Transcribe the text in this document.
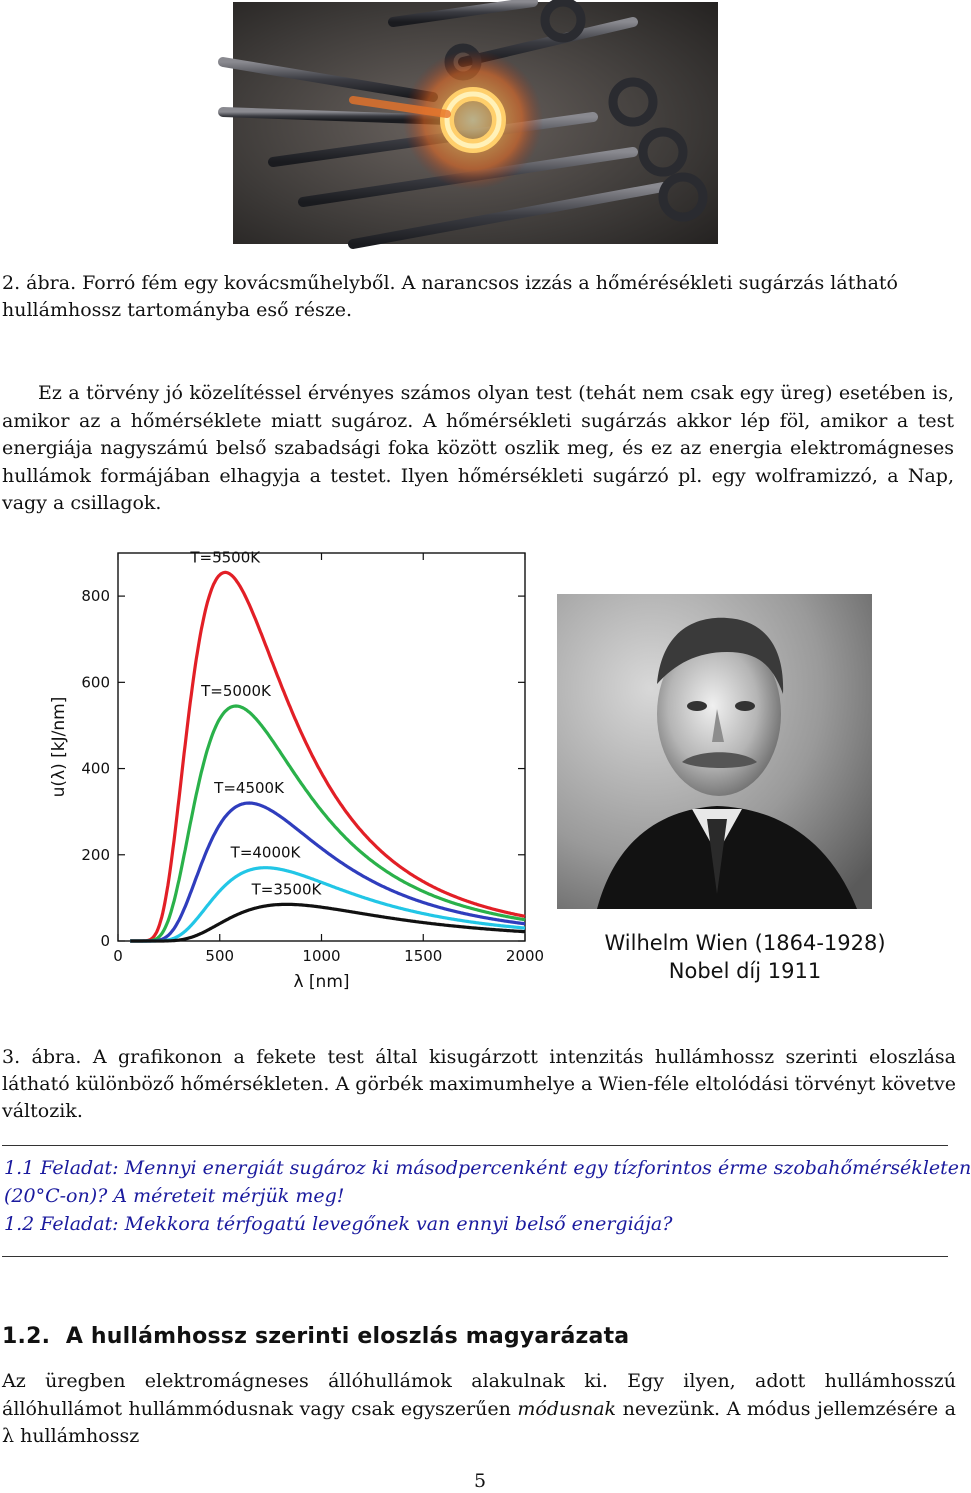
2. ábra. Forró fém egy kovácsműhelyből. A narancsos izzás a hőmérésékleti sugárzás látható hullámhossz tartományba eső része.
Ez a törvény jó közelítéssel érvényes számos olyan test (tehát nem csak egy üreg) esetében is, amikor az a hőmérséklete miatt sugároz. A hőmérsékleti sugárzás akkor lép föl, amikor a test energiája nagyszámú belső szabadsági foka között oszlik meg, és ez az energia elektromágneses hullámok formájában elhagyja a testet. Ilyen hőmérsékleti sugárzó pl. egy wolframizzó, a Nap, vagy a csillagok.
0	500	1000	1500	2000
0
200
400
600
800
λ [nm]
u(λ) [kJ/nm]
T=5500K
T=5000K
T=4500K
T=4000K
T=3500K
Wilhelm Wien (1864-1928)
Nobel díj 1911
3. ábra. A grafikonon a fekete test által kisugárzott intenzitás hullámhossz szerinti eloszlása látható különböző hőmérsékleten. A görbék maximumhelye a Wien-féle eltolódási törvényt követve változik.
1.1 Feladat: Mennyi energiát sugároz ki másodpercenként egy tízforintos érme szobahőmérsékleten
(20°C-on)? A méreteit mérjük meg!
1.2 Feladat: Mekkora térfogatú levegőnek van ennyi belső energiája?
1.2.  A hullámhossz szerinti eloszlás magyarázata
Az üregben elektromágneses állóhullámok alakulnak ki. Egy ilyen, adott hullámhosszú állóhullámot hullámmódusnak vagy csak egyszerűen módusnak nevezünk. A módus jellemzésére a λ hullámhossz
5
